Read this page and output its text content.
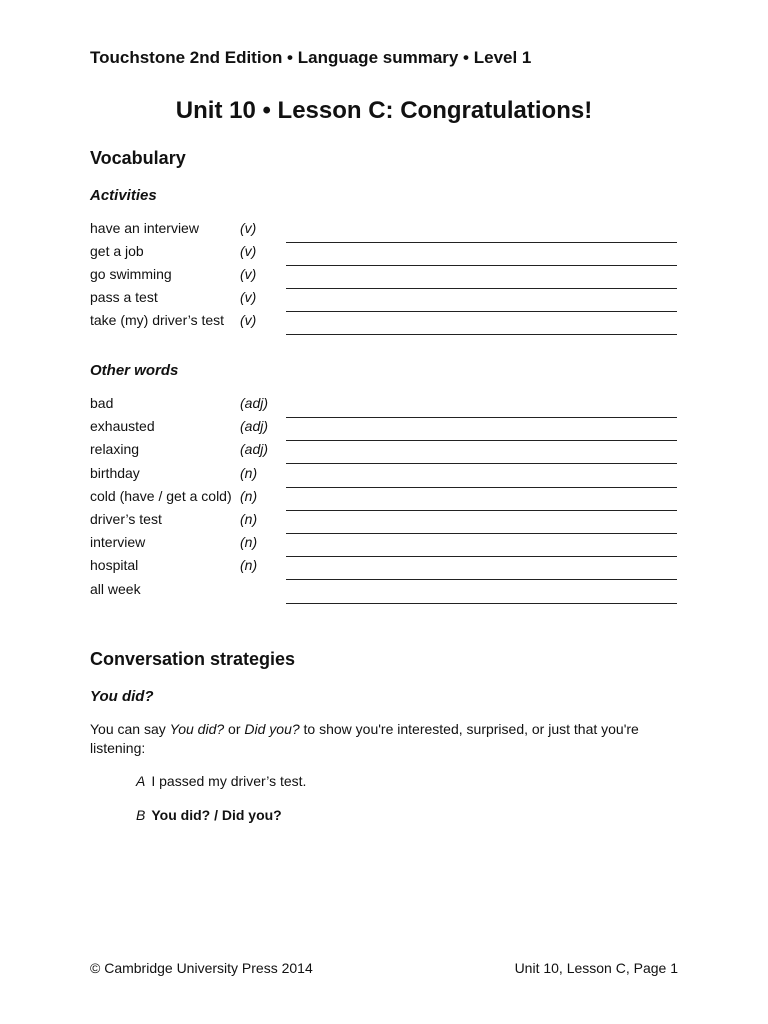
Touchstone 2nd Edition • Language summary • Level 1
Unit 10 • Lesson C: Congratulations!
Vocabulary
Activities
have an interview	(v)
get a job	(v)
go swimming	(v)
pass a test	(v)
take (my) driver’s test (v)
Other words
bad	(adj)
exhausted	(adj)
relaxing	(adj)
birthday	(n)
cold (have / get a cold) (n)
driver’s test	(n)
interview	(n)
hospital	(n)
all week
Conversation strategies
You did?
You can say You did? or Did you? to show you're interested, surprised, or just that you're listening:
A I passed my driver’s test.
B You did? / Did you?
© Cambridge University Press 2014	Unit 10, Lesson C, Page 1
